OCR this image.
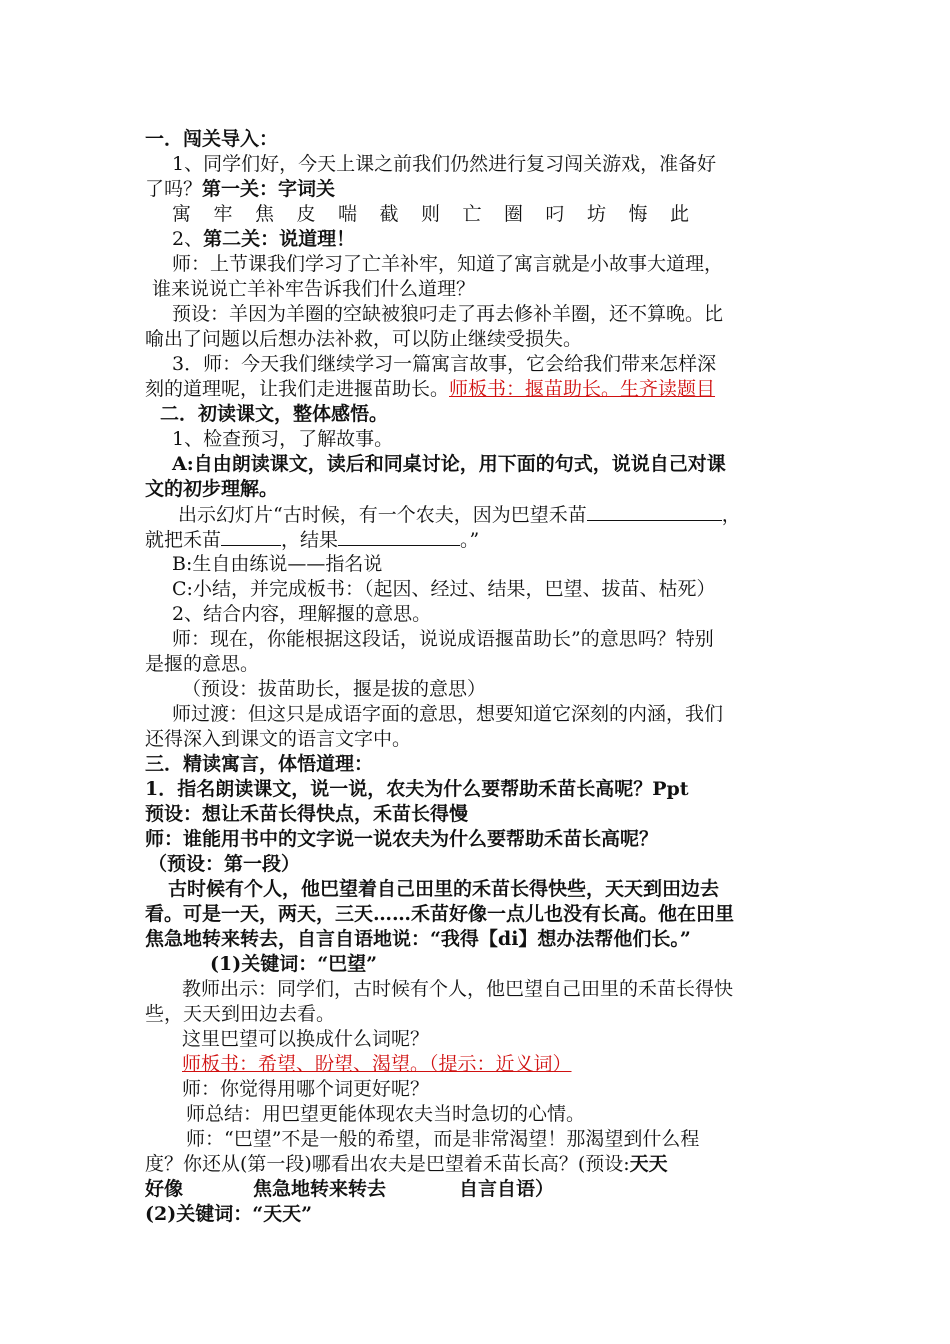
一．闯关导入：
1、同学们好，今天上课之前我们仍然进行复习闯关游戏，准备好
了吗？第一关：字词关
寓 牢 焦 皮 喘 截 则 亡 圈 叼 坊 悔 此
2、第二关：说道理！
师：上节课我们学习了亡羊补牢，知道了寓言就是小故事大道理，
谁来说说亡羊补牢告诉我们什么道理？
预设：羊因为羊圈的空缺被狼叼走了再去修补羊圈，还不算晚。比
喻出了问题以后想办法补救，可以防止继续受损失。
3．师：今天我们继续学习一篇寓言故事，它会给我们带来怎样深
刻的道理呢，让我们走进揠苗助长。师板书：揠苗助长。生齐读题目
二．初读课文，整体感悟。
1、检查预习，了解故事。
A:自由朗读课文，读后和同桌讨论，用下面的句式，说说自己对课
文的初步理解。
出示幻灯片“古时候，有一个农夫，因为巴望禾苗	，
就把禾苗	，结果	。”
B:生自由练说——指名说
C:小结，并完成板书：（起因、经过、结果，巴望、拔苗、枯死）
2、结合内容，理解揠的意思。
师：现在，你能根据这段话，说说成语揠苗助长”的意思吗？特别
是揠的意思。
（预设：拔苗助长，揠是拔的意思）
师过渡：但这只是成语字面的意思，想要知道它深刻的内涵，我们
还得深入到课文的语言文字中。
三．精读寓言，体悟道理：
1．指名朗读课文，说一说，农夫为什么要帮助禾苗长高呢？Ppt
预设：想让禾苗长得快点，禾苗长得慢
师：谁能用书中的文字说一说农夫为什么要帮助禾苗长高呢？
（预设：第一段）
古时候有个人，他巴望着自己田里的禾苗长得快些，天天到田边去
看。可是一天，两天，三天……禾苗好像一点儿也没有长高。他在田里
焦急地转来转去，自言自语地说：“我得【di】想办法帮他们长。”
(1)关键词：“巴望”
教师出示：同学们，古时候有个人，他巴望自己田里的禾苗长得快
些，天天到田边去看。
这里巴望可以换成什么词呢？
师板书：希望、盼望、渴望。（提示：近义词）
师：你觉得用哪个词更好呢？
师总结：用巴望更能体现农夫当时急切的心情。
师：“巴望”不是一般的希望，而是非常渴望！那渴望到什么程
度？你还从(第一段)哪看出农夫是巴望着禾苗长高？(预设:天天
好像	焦急地转来转去	自言自语）
(2)关键词：“天天”
